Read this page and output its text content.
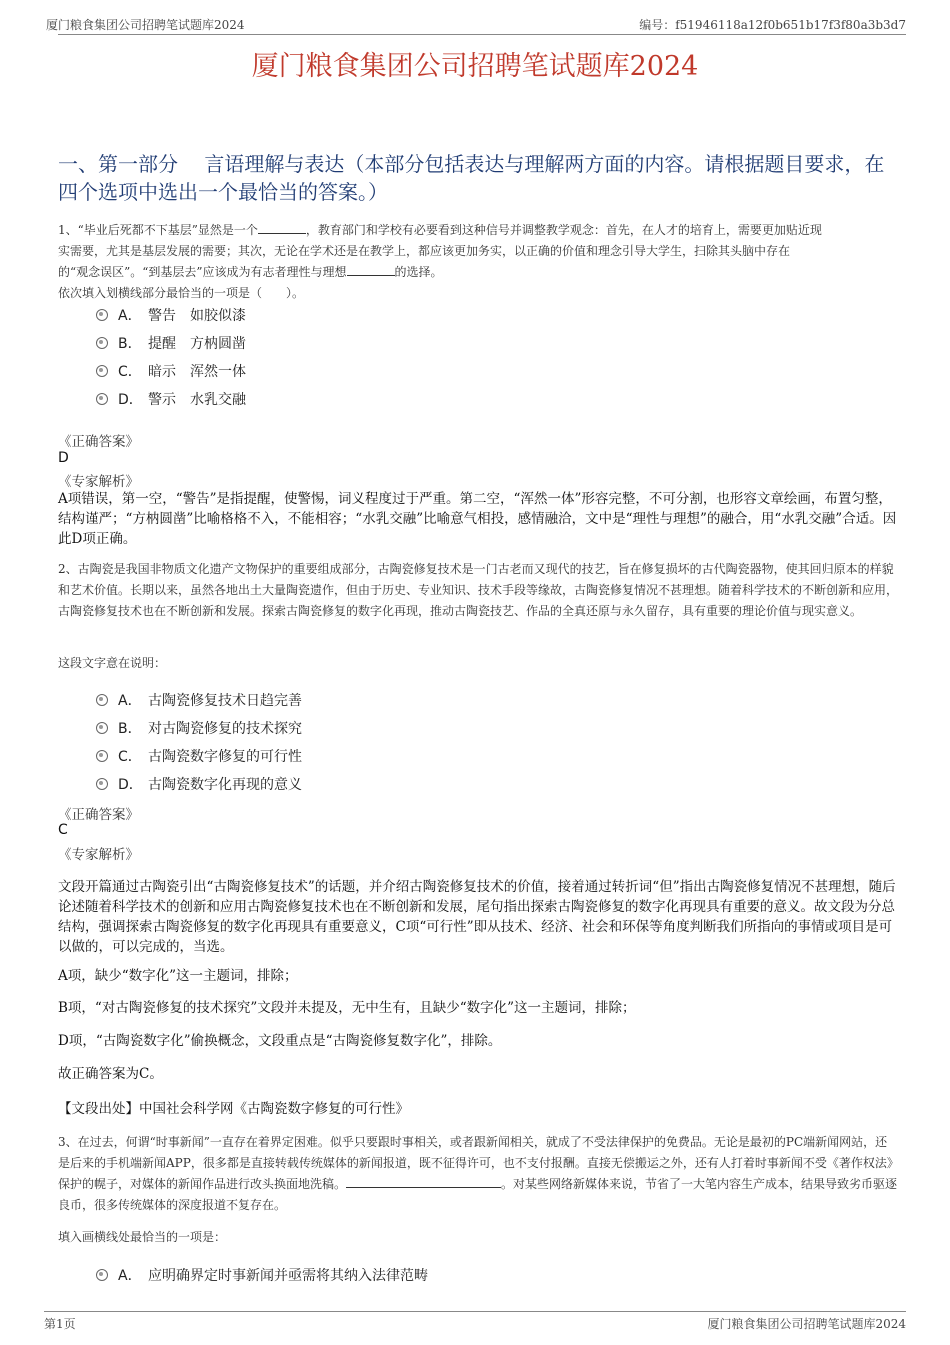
厦门粮食集团公司招聘笔试题库2024	编号：f51946118a12f0b651b17f3f80a3b3d7
厦门粮食集团公司招聘笔试题库2024
一、第一部分　 言语理解与表达（本部分包括表达与理解两方面的内容。请根据题目要求，在四个选项中选出一个最恰当的答案。）
1、“毕业后死都不下基层”显然是一个	，教育部门和学校有必要看到这种信号并调整教学观念：首先，在人才的培育上，需要更加贴近现
实需要，尤其是基层发展的需要；其次，无论在学术还是在教学上，都应该更加务实，以正确的价值和理念引导大学生，扫除其头脑中存在
的“观念误区”。“到基层去”应该成为有志者理性与理想	的选择。
依次填入划横线部分最恰当的一项是（　　）。
A． 警告　如胶似漆
B． 提醒　方枘圆凿
C． 暗示　浑然一体
D． 警示　水乳交融
《正确答案》
D
《专家解析》
A项错误，第一空，“警告”是指提醒，使警惕，词义程度过于严重。第二空，“浑然一体”形容完整，不可分割，也形容文章绘画，布置匀整，结构谨严；“方枘圆凿”比喻格格不入，不能相容；“水乳交融”比喻意气相投，感情融洽，文中是“理性与理想”的融合，用“水乳交融”合适。因此D项正确。
2、古陶瓷是我国非物质文化遗产文物保护的重要组成部分，古陶瓷修复技术是一门古老而又现代的技艺，旨在修复损坏的古代陶瓷器物，使其回归原本的样貌和艺术价值。长期以来，虽然各地出土大量陶瓷遗作，但由于历史、专业知识、技术手段等缘故，古陶瓷修复情况不甚理想。随着科学技术的不断创新和应用，古陶瓷修复技术也在不断创新和发展。探索古陶瓷修复的数字化再现，推动古陶瓷技艺、作品的全真还原与永久留存，具有重要的理论价值与现实意义。
这段文字意在说明：
A． 古陶瓷修复技术日趋完善
B． 对古陶瓷修复的技术探究
C． 古陶瓷数字修复的可行性
D． 古陶瓷数字化再现的意义
《正确答案》
C
《专家解析》
文段开篇通过古陶瓷引出“古陶瓷修复技术”的话题，并介绍古陶瓷修复技术的价值，接着通过转折词“但”指出古陶瓷修复情况不甚理想，随后论述随着科学技术的创新和应用古陶瓷修复技术也在不断创新和发展，尾句指出探索古陶瓷修复的数字化再现具有重要的意义。故文段为分总结构，强调探索古陶瓷修复的数字化再现具有重要意义，C项“可行性”即从技术、经济、社会和环保等角度判断我们所指向的事情或项目是可以做的，可以完成的，当选。
A项，缺少“数字化”这一主题词，排除；
B项，“对古陶瓷修复的技术探究”文段并未提及，无中生有，且缺少“数字化”这一主题词，排除；
D项，“古陶瓷数字化”偷换概念，文段重点是“古陶瓷修复数字化”，排除。
故正确答案为C。
【文段出处】中国社会科学网《古陶瓷数字修复的可行性》
3、在过去，何谓“时事新闻”一直存在着界定困难。似乎只要跟时事相关，或者跟新闻相关，就成了不受法律保护的免费品。无论是最初的PC端新闻网站，还是后来的手机端新闻APP，很多都是直接转载传统媒体的新闻报道，既不征得许可，也不支付报酬。直接无偿搬运之外，还有人打着时事新闻不受《著作权法》保护的幌子，对媒体的新闻作品进行改头换面地洗稿。	。对某些网络新媒体来说，节省了一大笔内容生产成本，结果导致劣币驱逐良币，很多传统媒体的深度报道不复存在。
填入画横线处最恰当的一项是：
A． 应明确界定时事新闻并亟需将其纳入法律范畴
第1页	厦门粮食集团公司招聘笔试题库2024
